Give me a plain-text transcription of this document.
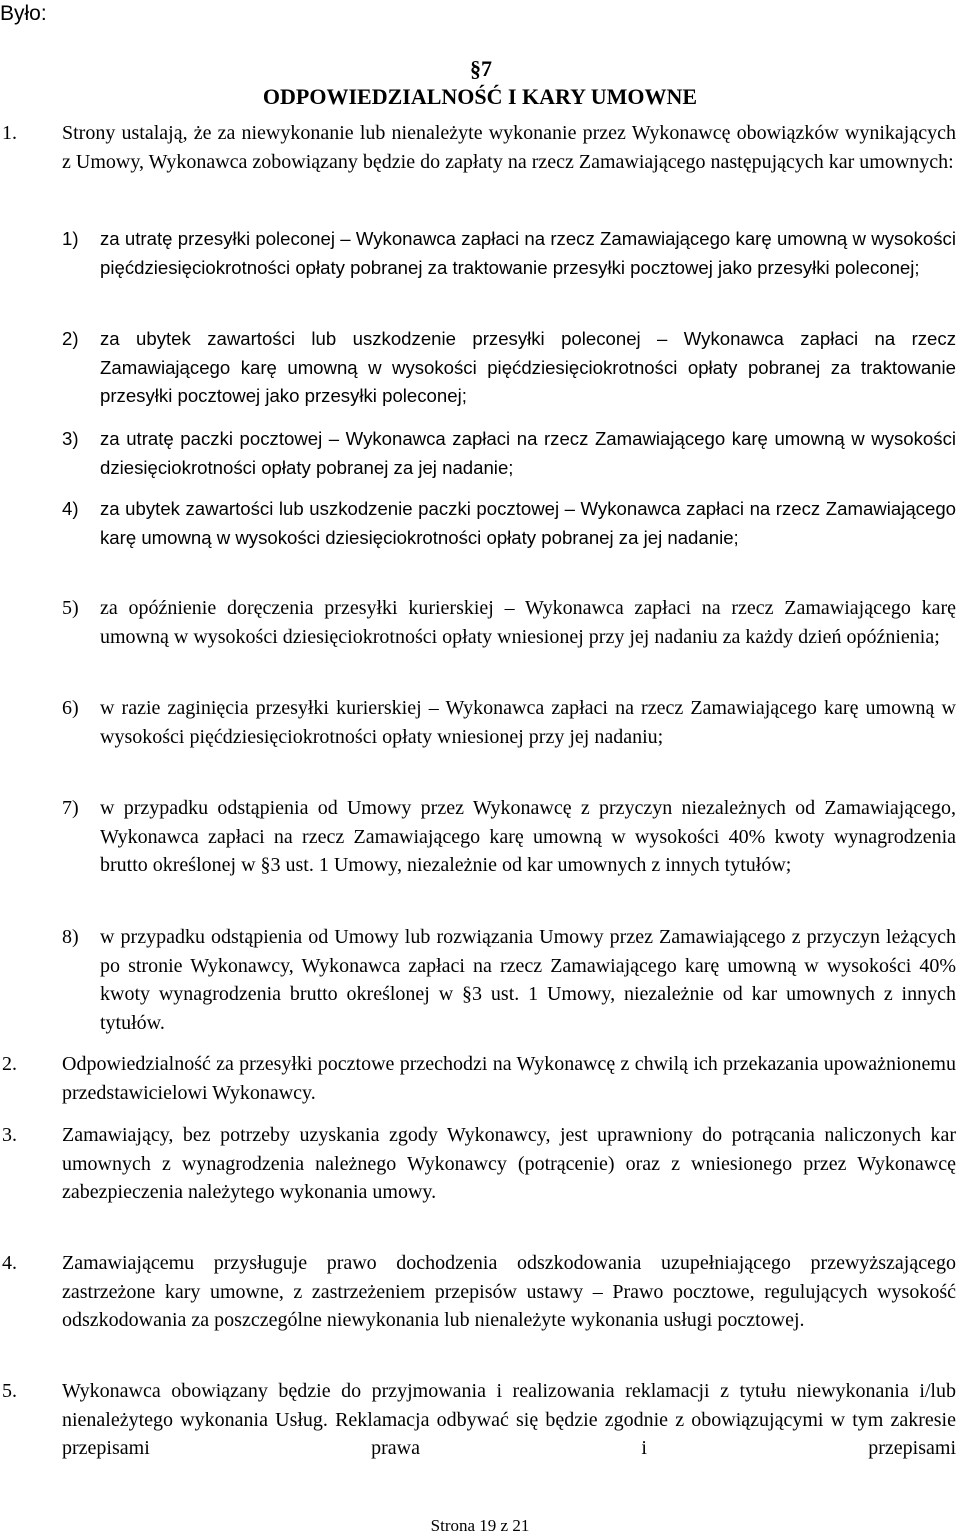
Było:
§7
ODPOWIEDZIALNOŚĆ I KARY UMOWNE
1. Strony ustalają, że za niewykonanie lub nienależyte wykonanie przez Wykonawcę obowiązków wynikających z Umowy, Wykonawca zobowiązany będzie do zapłaty na rzecz Zamawiającego następujących kar umownych:
1) za utratę przesyłki poleconej – Wykonawca zapłaci na rzecz Zamawiającego karę umowną w wysokości pięćdziesięciokrotności opłaty pobranej za traktowanie przesyłki pocztowej jako przesyłki poleconej;
2) za ubytek zawartości lub uszkodzenie przesyłki poleconej – Wykonawca zapłaci na rzecz Zamawiającego karę umowną w wysokości pięćdziesięciokrotności opłaty pobranej za traktowanie przesyłki pocztowej jako przesyłki poleconej;
3) za utratę paczki pocztowej – Wykonawca zapłaci na rzecz Zamawiającego karę umowną w wysokości dziesięciokrotności opłaty pobranej za jej nadanie;
4) za ubytek zawartości lub uszkodzenie paczki pocztowej – Wykonawca zapłaci na rzecz Zamawiającego karę umowną w wysokości dziesięciokrotności opłaty pobranej za jej nadanie;
5) za opóźnienie doręczenia przesyłki kurierskiej – Wykonawca zapłaci na rzecz Zamawiającego karę umowną w wysokości dziesięciokrotności opłaty wniesionej przy jej nadaniu za każdy dzień opóźnienia;
6) w razie zaginięcia przesyłki kurierskiej – Wykonawca zapłaci na rzecz Zamawiającego karę umowną w wysokości pięćdziesięciokrotności opłaty wniesionej przy jej nadaniu;
7) w przypadku odstąpienia od Umowy przez Wykonawcę z przyczyn niezależnych od Zamawiającego, Wykonawca zapłaci na rzecz Zamawiającego karę umowną w wysokości 40% kwoty wynagrodzenia brutto określonej w §3 ust. 1 Umowy, niezależnie od kar umownych z innych tytułów;
8) w przypadku odstąpienia od Umowy lub rozwiązania Umowy przez Zamawiającego z przyczyn leżących po stronie Wykonawcy, Wykonawca zapłaci na rzecz Zamawiającego karę umowną w wysokości 40% kwoty wynagrodzenia brutto określonej w §3 ust. 1 Umowy, niezależnie od kar umownych z innych tytułów.
2. Odpowiedzialność za przesyłki pocztowe przechodzi na Wykonawcę z chwilą ich przekazania upoważnionemu przedstawicielowi Wykonawcy.
3. Zamawiający, bez potrzeby uzyskania zgody Wykonawcy, jest uprawniony do potrącania naliczonych kar umownych z wynagrodzenia należnego Wykonawcy (potrącenie) oraz z wniesionego przez Wykonawcę zabezpieczenia należytego wykonania umowy.
4. Zamawiającemu przysługuje prawo dochodzenia odszkodowania uzupełniającego przewyższającego zastrzeżone kary umowne, z zastrzeżeniem przepisów ustawy – Prawo pocztowe, regulujących wysokość odszkodowania za poszczególne niewykonania lub nienależyte wykonania usługi pocztowej.
5. Wykonawca obowiązany będzie do przyjmowania i realizowania reklamacji z tytułu niewykonania i/lub nienależytego wykonania Usług. Reklamacja odbywać się będzie zgodnie z obowiązującymi w tym zakresie przepisami prawa i przepisami
Strona 19 z 21
